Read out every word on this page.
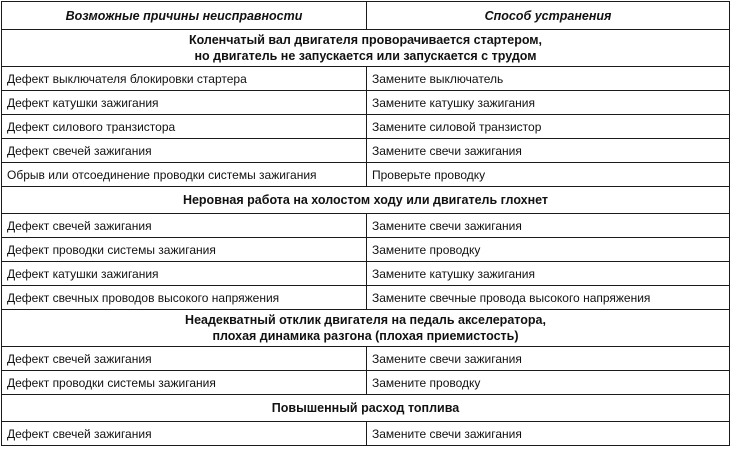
Возможные причины неисправности	Способ устранения

Коленчатый вал двигателя проворачивается стартером,
но двигатель не запускается или запускается с трудом	

Дефект выключателя блокировки стартера	Замените выключатель
Дефект катушки зажигания	Замените катушку зажигания
Дефект силового транзистора	Замените силовой транзистор
Дефект свечей зажигания	Замените свечи зажигания
Обрыв или отсоединение проводки системы зажигания	Проверьте проводку
Неровная работа на холостом ходу или двигатель глохнет	
Дефект свечей зажигания	Замените свечи зажигания
Дефект проводки системы зажигания	Замените проводку
Дефект катушки зажигания	Замените катушку зажигания
Дефект свечных проводов высокого напряжения	Замените свечные провода высокого напряжения

Неадекватный отклик двигателя на педаль акселератора,
плохая динамика разгона (плохая приемистость)	

Дефект свечей зажигания	Замените свечи зажигания
Дефект проводки системы зажигания	Замените проводку
Повышенный расход топлива	
Дефект свечей зажигания	Замените свечи зажигания
